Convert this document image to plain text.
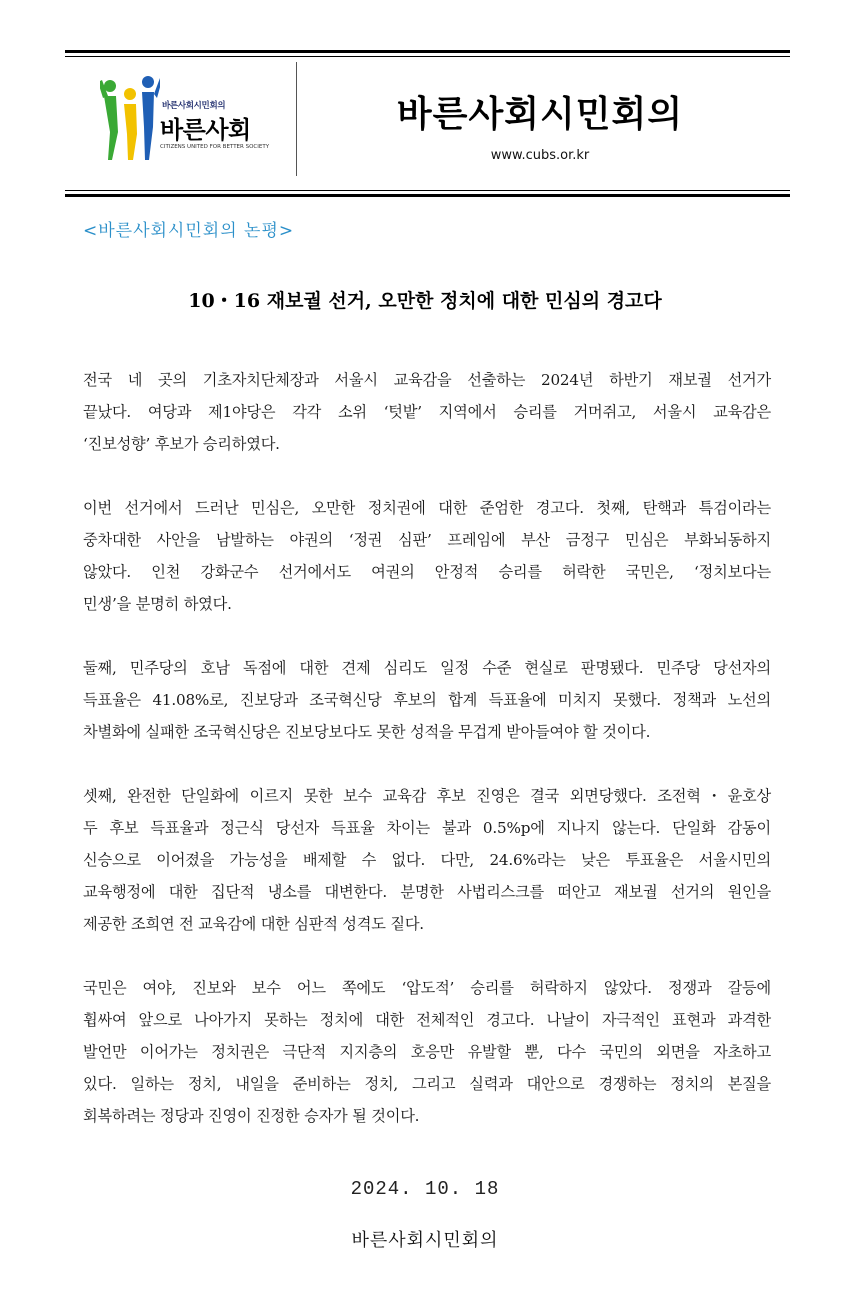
바른사회시민회의
바른사회
CITIZENS UNITED FOR BETTER SOCIETY
바른사회시민회의
www.cubs.or.kr
<바른사회시민회의 논평>
10・16 재보궐 선거, 오만한 정치에 대한 민심의 경고다
전국 네 곳의 기초자치단체장과 서울시 교육감을 선출하는 2024년 하반기 재보궐 선거가
끝났다. 여당과 제1야당은 각각 소위 ‘텃밭’ 지역에서 승리를 거머쥐고, 서울시 교육감은
‘진보성향’ 후보가 승리하였다.
이번 선거에서 드러난 민심은, 오만한 정치권에 대한 준엄한 경고다. 첫째, 탄핵과 특검이라는
중차대한 사안을 남발하는 야권의 ‘정권 심판’ 프레임에 부산 금정구 민심은 부화뇌동하지
않았다. 인천 강화군수 선거에서도 여권의 안정적 승리를 허락한 국민은, ‘정치보다는
민생’을 분명히 하였다.
둘째, 민주당의 호남 독점에 대한 견제 심리도 일정 수준 현실로 판명됐다. 민주당 당선자의
득표율은 41.08%로, 진보당과 조국혁신당 후보의 합계 득표율에 미치지 못했다. 정책과 노선의
차별화에 실패한 조국혁신당은 진보당보다도 못한 성적을 무겁게 받아들여야 할 것이다.
셋째, 완전한 단일화에 이르지 못한 보수 교육감 후보 진영은 결국 외면당했다. 조전혁・윤호상
두 후보 득표율과 정근식 당선자 득표율 차이는 불과 0.5%p에 지나지 않는다. 단일화 감동이
신승으로 이어졌을 가능성을 배제할 수 없다. 다만, 24.6%라는 낮은 투표율은 서울시민의
교육행정에 대한 집단적 냉소를 대변한다. 분명한 사법리스크를 떠안고 재보궐 선거의 원인을
제공한 조희연 전 교육감에 대한 심판적 성격도 짙다.
국민은 여야, 진보와 보수 어느 쪽에도 ‘압도적’ 승리를 허락하지 않았다. 정쟁과 갈등에
휩싸여 앞으로 나아가지 못하는 정치에 대한 전체적인 경고다. 나날이 자극적인 표현과 과격한
발언만 이어가는 정치권은 극단적 지지층의 호응만 유발할 뿐, 다수 국민의 외면을 자초하고
있다. 일하는 정치, 내일을 준비하는 정치, 그리고 실력과 대안으로 경쟁하는 정치의 본질을
회복하려는 정당과 진영이 진정한 승자가 될 것이다.
2024. 10. 18
바른사회시민회의
